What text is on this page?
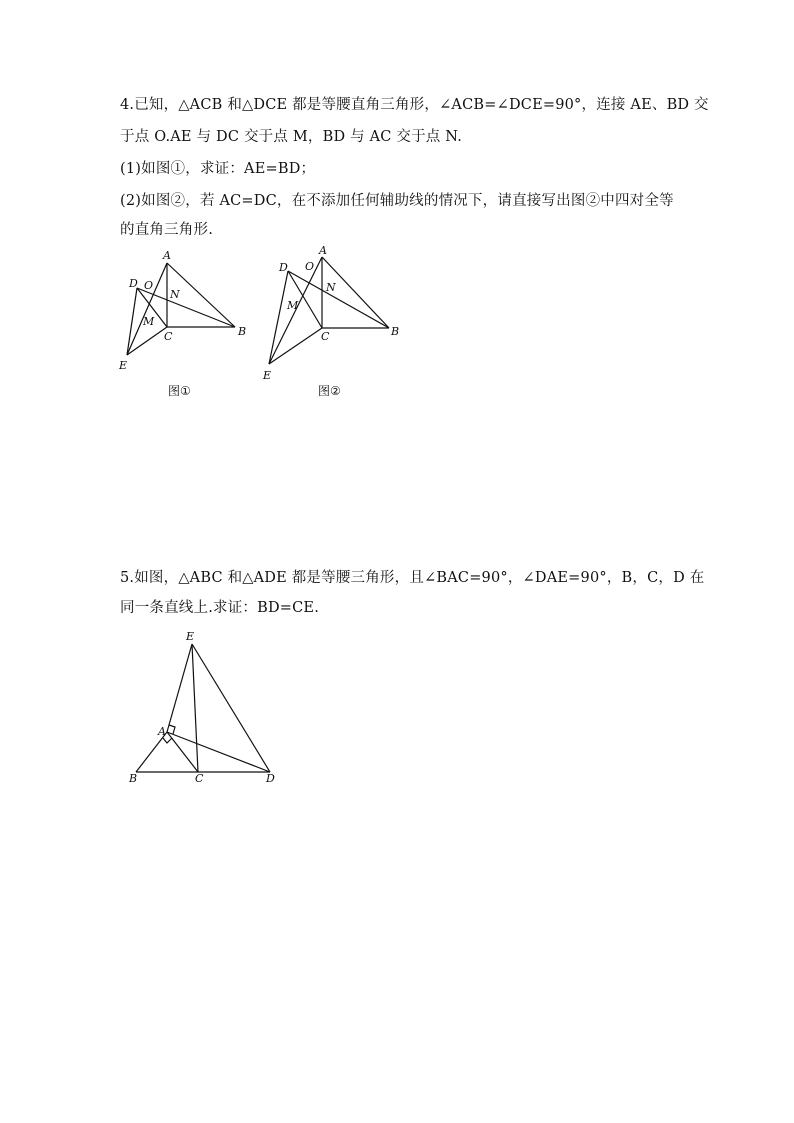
4.已知，△ACB 和△DCE 都是等腰直角三角形，∠ACB=∠DCE=90°，连接 AE、BD 交
于点 O.AE 与 DC 交于点 M，BD 与 AC 交于点 N.
(1)如图①，求证：AE=BD；
(2)如图②，若 AC=DC，在不添加任何辅助线的情况下，请直接写出图②中四对全等
的直角三角形.
A
B
C
D
E
O
M
N
图①
A
B
C
D
E
O
M
N
图②
5.如图，△ABC 和△ADE 都是等腰三角形，且∠BAC=90°，∠DAE=90°，B，C，D 在
同一条直线上.求证：BD=CE.
E
A
B	C	D
